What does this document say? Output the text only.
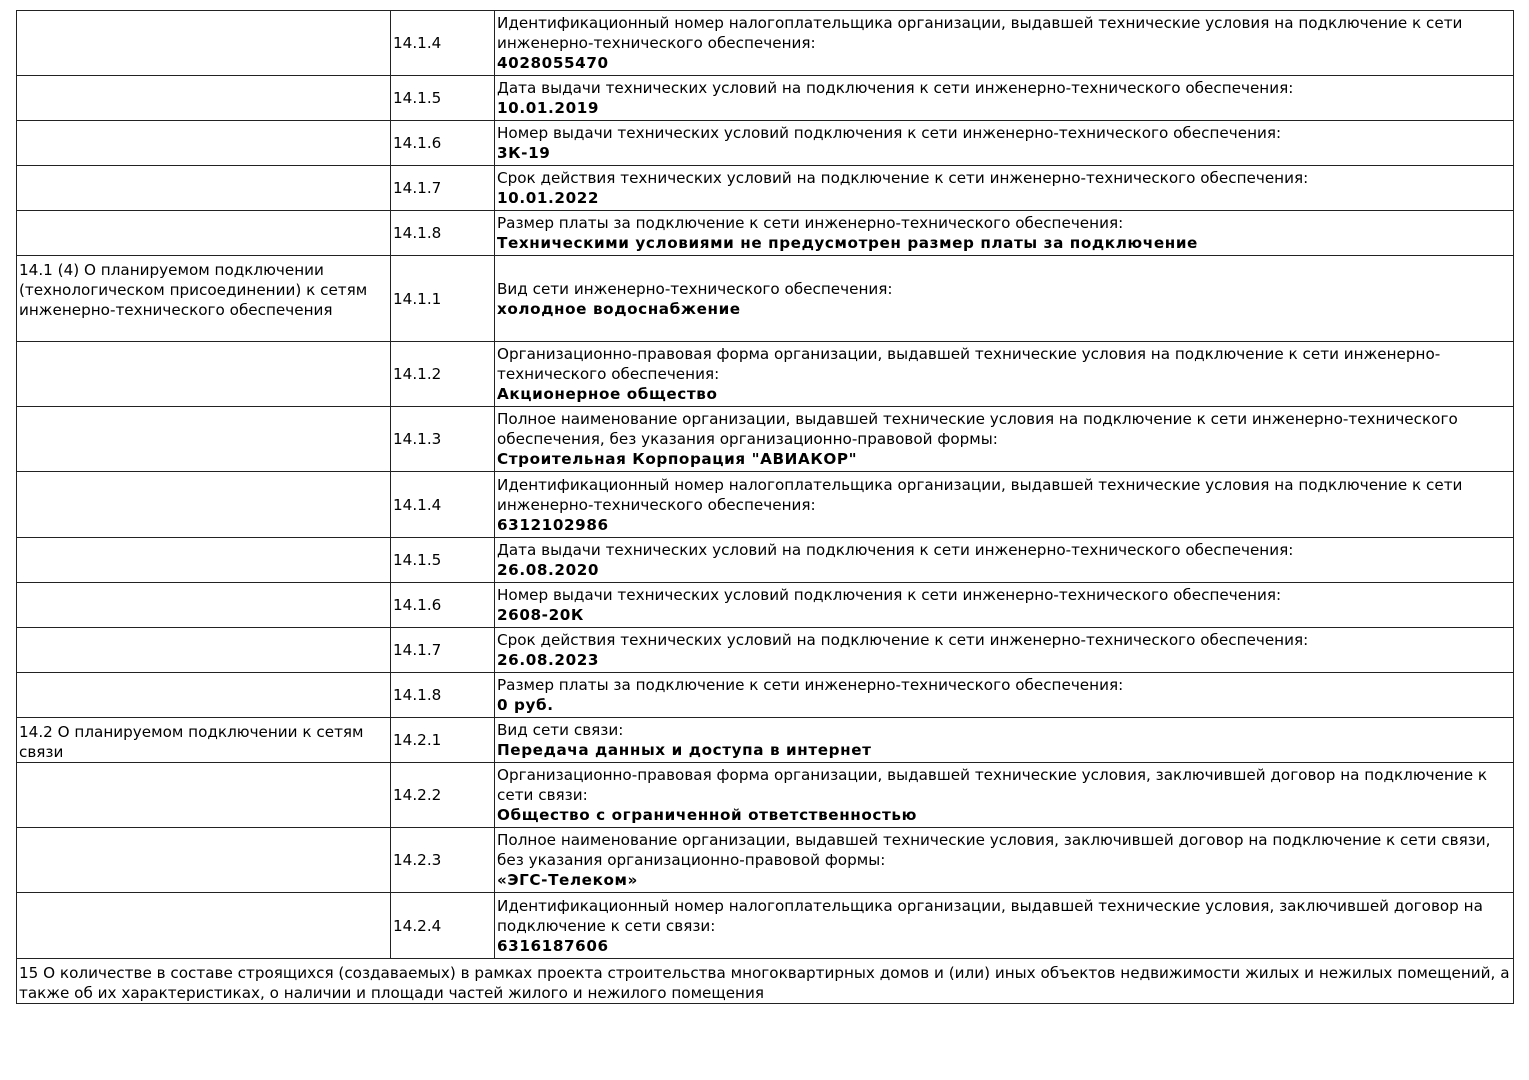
	14.1.4	Идентификационный номер налогоплательщика организации, выдавшей технические условия на подключение к сети инженерно-технического обеспечения:
4028055470

	14.1.5	Дата выдачи технических условий на подключения к сети инженерно-технического обеспечения:
10.01.2019

	14.1.6	Номер выдачи технических условий подключения к сети инженерно-технического обеспечения:
3К-19

	14.1.7	Срок действия технических условий на подключение к сети инженерно-технического обеспечения:
10.01.2022

	14.1.8	Размер платы за подключение к сети инженерно-технического обеспечения:
Техническими условиями не предусмотрен размер платы за подключение

14.1 (4) О планируемом подключении (технологическом присоединении) к сетям инженерно-технического обеспечения	14.1.1	Вид сети инженерно-технического обеспечения:
холодное водоснабжение

	14.1.2	Организационно-правовая форма организации, выдавшей технические условия на подключение к сети инженерно-технического обеспечения:
Акционерное общество

	14.1.3	Полное наименование организации, выдавшей технические условия на подключение к сети инженерно-технического обеспечения, без указания организационно-правовой формы:
Строительная Корпорация "АВИАКОР"

	14.1.4	Идентификационный номер налогоплательщика организации, выдавшей технические условия на подключение к сети инженерно-технического обеспечения:
6312102986

	14.1.5	Дата выдачи технических условий на подключения к сети инженерно-технического обеспечения:
26.08.2020

	14.1.6	Номер выдачи технических условий подключения к сети инженерно-технического обеспечения:
2608-20К

	14.1.7	Срок действия технических условий на подключение к сети инженерно-технического обеспечения:
26.08.2023

	14.1.8	Размер платы за подключение к сети инженерно-технического обеспечения:
0 руб.

14.2 О планируемом подключении к сетям связи	14.2.1	Вид сети связи:
Передача данных и доступа в интернет

	14.2.2	Организационно-правовая форма организации, выдавшей технические условия, заключившей договор на подключение к сети связи:
Общество с ограниченной ответственностью

	14.2.3	Полное наименование организации, выдавшей технические условия, заключившей договор на подключение к сети связи, без указания организационно-правовой формы:
«ЭГС-Телеком»

	14.2.4	Идентификационный номер налогоплательщика организации, выдавшей технические условия, заключившей договор на подключение к сети связи:
6316187606

15 О количестве в составе строящихся (создаваемых) в рамках проекта строительства многоквартирных домов и (или) иных объектов недвижимости жилых и нежилых помещений, а также об их характеристиках, о наличии и площади частей жилого и нежилого помещения		
